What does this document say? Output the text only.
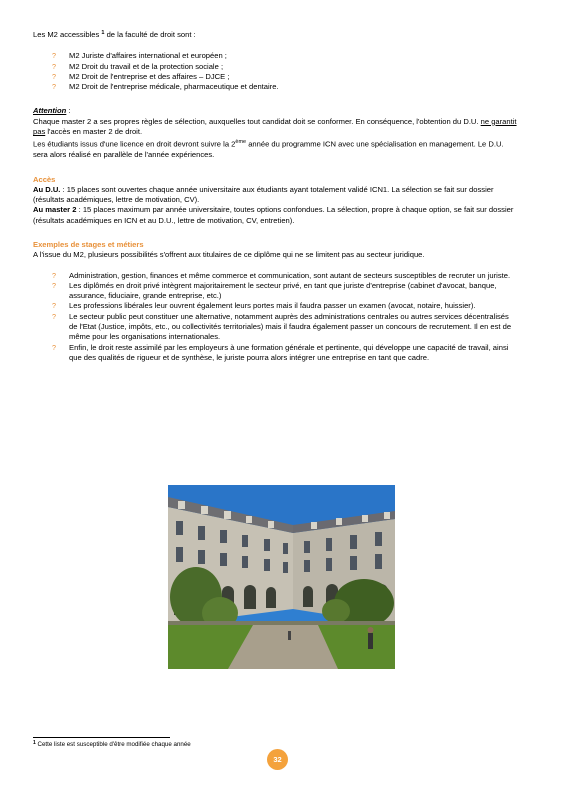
Les M2 accessibles $^1$ de la faculté de droit sont :

? M2 Juriste d'affaires international et européen ;
? M2 Droit du travail et de la protection sociale ;
? M2 Droit de l'entreprise et des affaires – DJCE ;
? M2 Droit de l'entreprise médicale, pharmaceutique et dentaire.

Attention :

Chaque master 2 a ses propres règles de sélection, auxquelles tout candidat doit se conformer. En conséquence, l'obtention du D.U. ne garantit pas l'accès en master 2 de droit.

Les étudiants issus d'une licence en droit devront suivre la 2ème année du programme ICN avec une spécialisation en management. Le D.U. sera alors réalisé en parallèle de l'année expériences.

Accès

Au D.U. : 15 places sont ouvertes chaque année universitaire aux étudiants ayant totalement validé ICN1. La sélection se fait sur dossier (résultats académiques, lettre de motivation, CV).

Au master 2 : 15 places maximum par année universitaire, toutes options confondues. La sélection, propre à chaque option, se fait sur dossier (résultats académiques en ICN et au D.U., lettre de motivation, CV, entretien).

Exemples de stages et métiers

A l'issue du M2, plusieurs possibilités s'offrent aux titulaires de ce diplôme qui ne se limitent pas au secteur juridique.

? Administration, gestion, finances et même commerce et communication, sont autant de secteurs susceptibles de recruter un juriste.
? Les diplômés en droit privé intègrent majoritairement le secteur privé, en tant que juriste d'entreprise (cabinet d'avocat, banque, assurance, fiduciaire, grande entreprise, etc.)
? Les professions libérales leur ouvrent également leurs portes mais il faudra passer un examen (avocat, notaire, huissier).
? Le secteur public peut constituer une alternative, notamment auprès des administrations centrales ou autres services décentralisés de l'Etat (Justice, impôts, etc., ou collectivités territoriales) mais il faudra également passer un concours de recrutement. Il en est de même pour les organisations internationales.
? Enfin, le droit reste assimilé par les employeurs à une formation générale et pertinente, qui développe une capacité de travail, ainsi que des qualités de rigueur et de synthèse, le juriste pourra alors intégrer une entreprise en tant que cadre.
$^1$ Cette liste est susceptible d'être modifiée chaque année
32
